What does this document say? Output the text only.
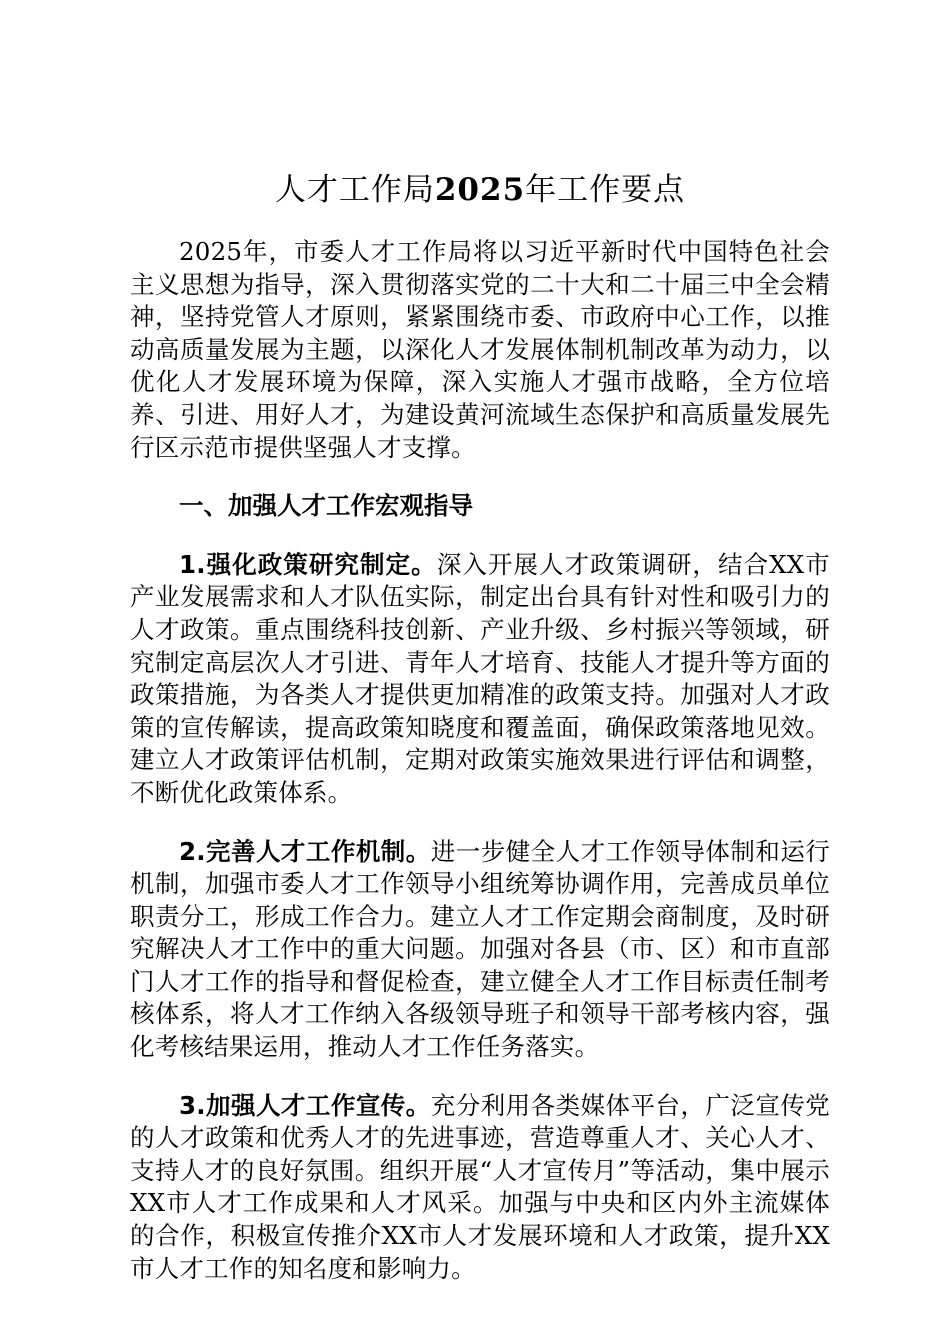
人才工作局2025年工作要点

2025年，市委人才工作局将以习近平新时代中国特色社会主义思想为指导，深入贯彻落实党的二十大和二十届三中全会精神，坚持党管人才原则，紧紧围绕市委、市政府中心工作，以推动高质量发展为主题，以深化人才发展体制机制改革为动力，以优化人才发展环境为保障，深入实施人才强市战略，全方位培养、引进、用好人才，为建设黄河流域生态保护和高质量发展先行区示范市提供坚强人才支撑。

一、加强人才工作宏观指导

1.强化政策研究制定。深入开展人才政策调研，结合XX市产业发展需求和人才队伍实际，制定出台具有针对性和吸引力的人才政策。重点围绕科技创新、产业升级、乡村振兴等领域，研究制定高层次人才引进、青年人才培育、技能人才提升等方面的政策措施，为各类人才提供更加精准的政策支持。加强对人才政策的宣传解读，提高政策知晓度和覆盖面，确保政策落地见效。建立人才政策评估机制，定期对政策实施效果进行评估和调整，不断优化政策体系。

2.完善人才工作机制。进一步健全人才工作领导体制和运行机制，加强市委人才工作领导小组统筹协调作用，完善成员单位职责分工，形成工作合力。建立人才工作定期会商制度，及时研究解决人才工作中的重大问题。加强对各县（市、区）和市直部门人才工作的指导和督促检查，建立健全人才工作目标责任制考核体系，将人才工作纳入各级领导班子和领导干部考核内容，强化考核结果运用，推动人才工作任务落实。

3.加强人才工作宣传。充分利用各类媒体平台，广泛宣传党的人才政策和优秀人才的先进事迹，营造尊重人才、关心人才、支持人才的良好氛围。组织开展“人才宣传月”等活动，集中展示XX市人才工作成果和人才风采。加强与中央和区内外主流媒体的合作，积极宣传推介XX市人才发展环境和人才政策，提升XX市人才工作的知名度和影响力。
